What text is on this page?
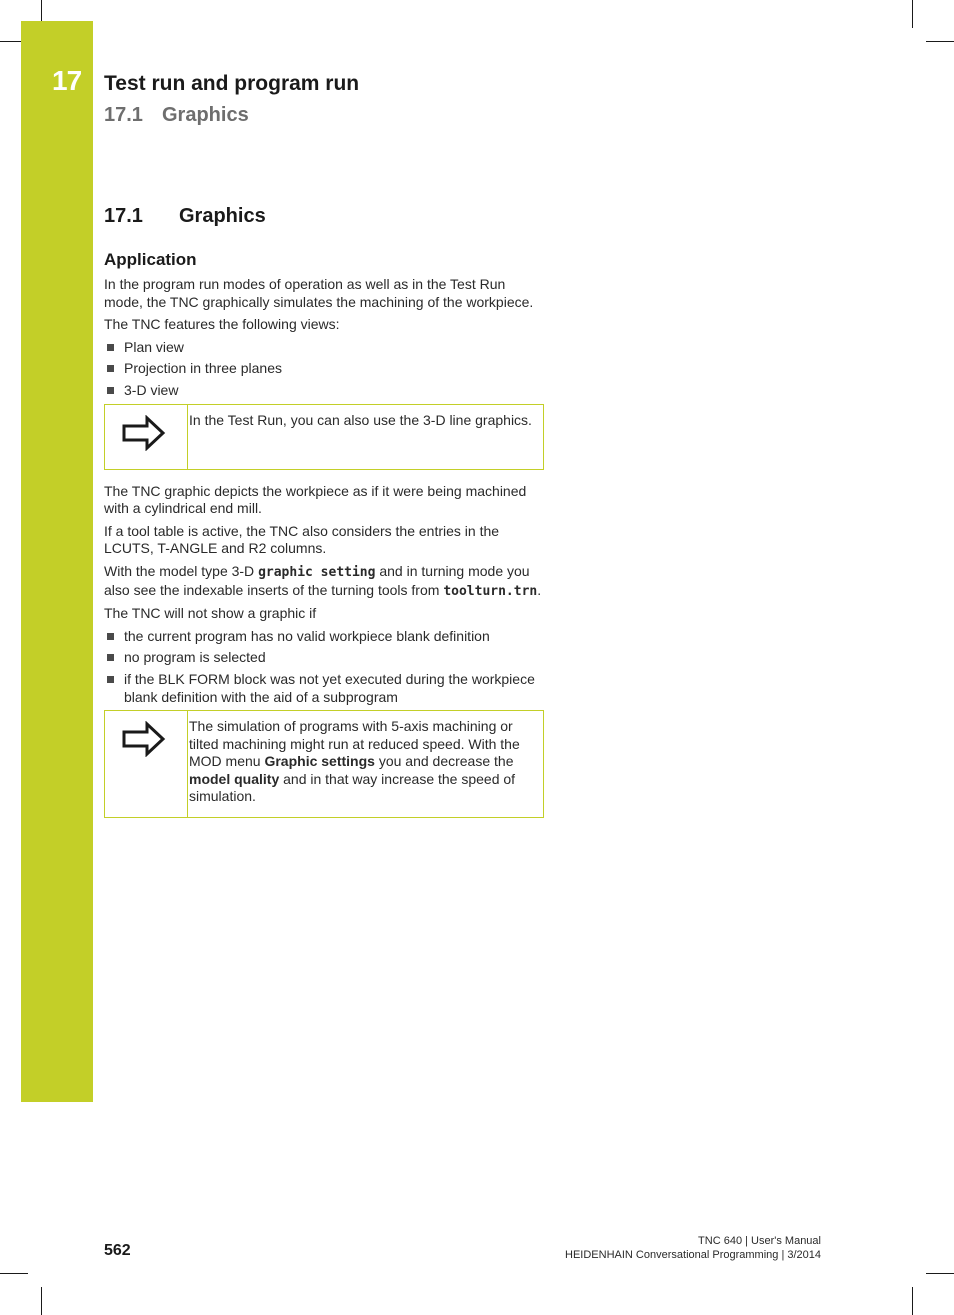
17	Test run and program run
17.1 Graphics
17.1 Graphics
Application

In the program run modes of operation as well as in the Test Run mode, the TNC graphically simulates the machining of the workpiece.

The TNC features the following views:

Plan view
Projection in three planes
3-D view
In the Test Run, you can also use the 3-D line graphics.

The TNC graphic depicts the workpiece as if it were being machined with a cylindrical end mill.

If a tool table is active, the TNC also considers the entries in the LCUTS, T-ANGLE and R2 columns.

With the model type 3-D graphic setting and in turning mode you also see the indexable inserts of the turning tools from toolturn.trn.

The TNC will not show a graphic if

the current program has no valid workpiece blank definition
no program is selected
if the BLK FORM block was not yet executed during the workpiece blank definition with the aid of a subprogram
The simulation of programs with 5-axis machining or tilted machining might run at reduced speed. With the MOD menu Graphic settings you and decrease the model quality and in that way increase the speed of simulation.
562
TNC 640 | User's Manual
HEIDENHAIN Conversational Programming | 3/2014
